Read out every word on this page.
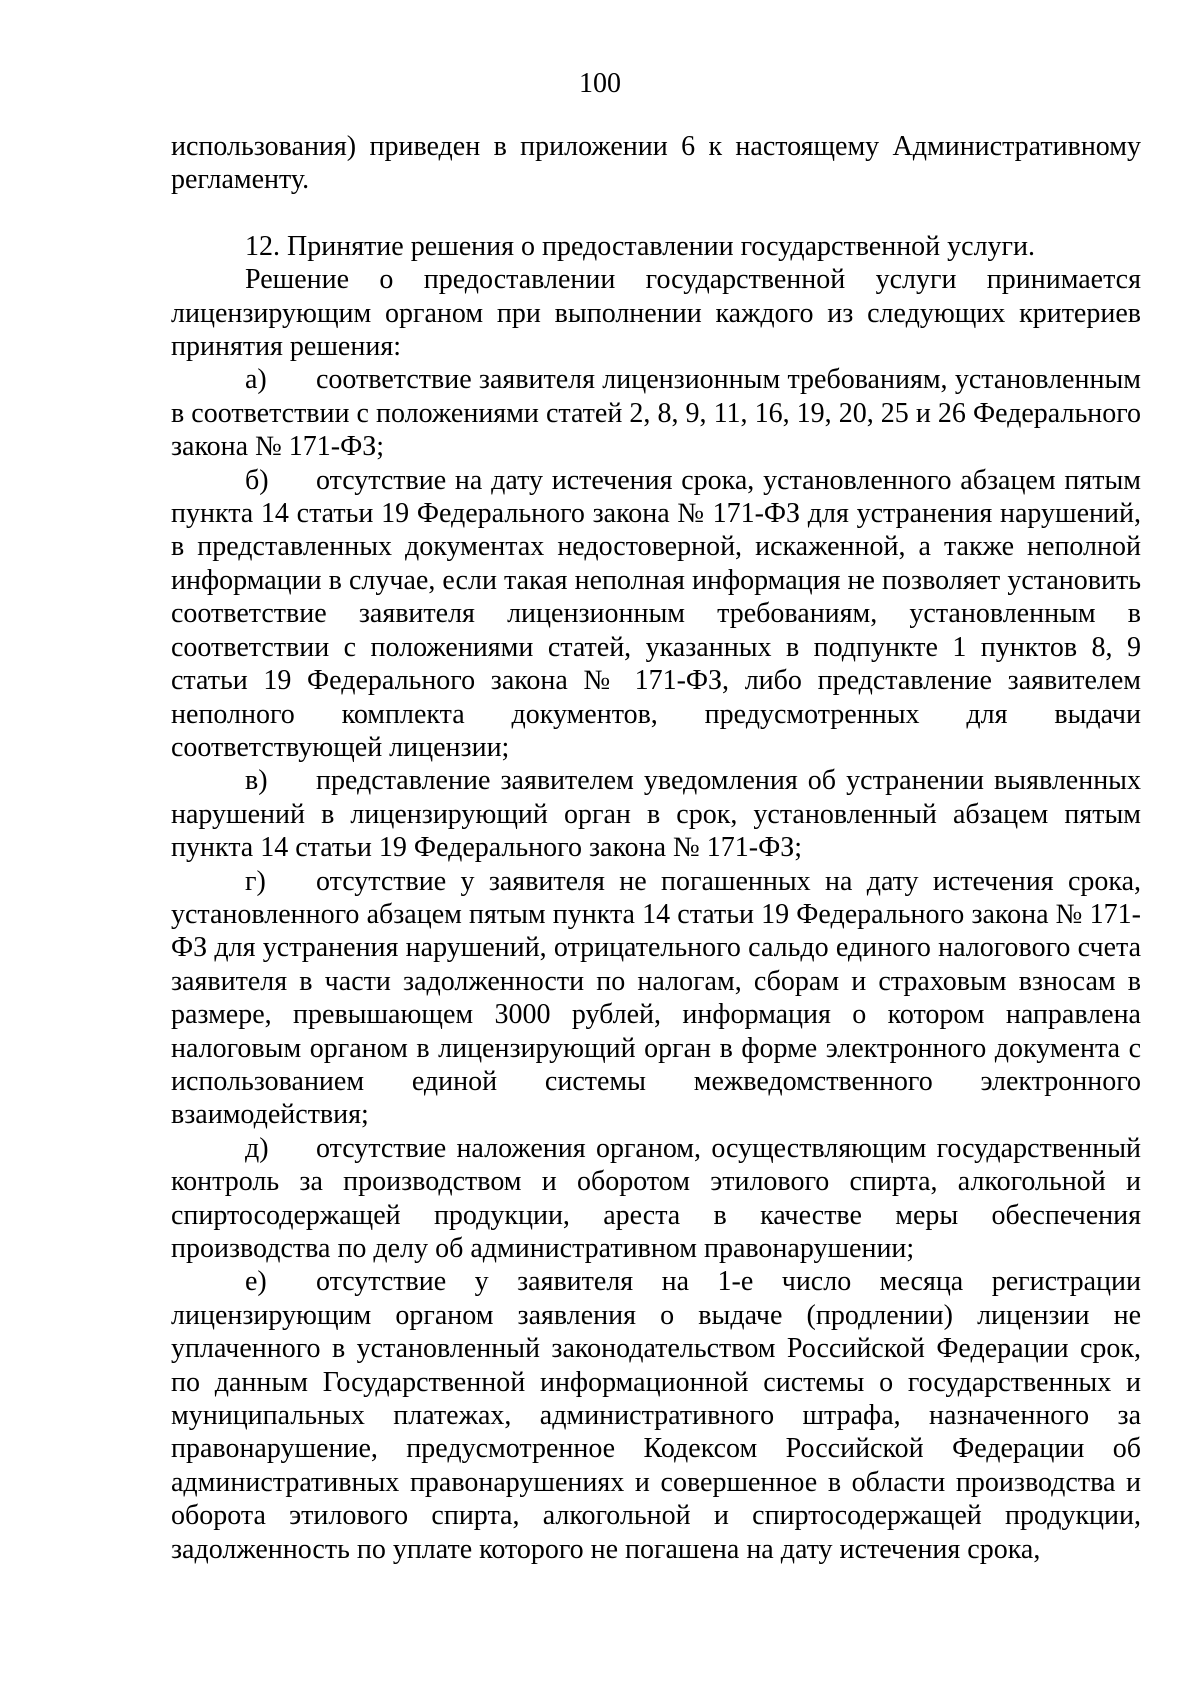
100

использования) приведен в приложении 6 к настоящему Административному регламенту.

12. Принятие решения о предоставлении государственной услуги.

Решение о предоставлении государственной услуги принимается лицензирующим органом при выполнении каждого из следующих критериев принятия решения:

а) соответствие заявителя лицензионным требованиям, установленным в соответствии с положениями статей 2, 8, 9, 11, 16, 19, 20, 25 и 26 Федерального закона № 171-ФЗ;

б) отсутствие на дату истечения срока, установленного абзацем пятым пункта 14 статьи 19 Федерального закона № 171-ФЗ для устранения нарушений, в представленных документах недостоверной, искаженной, а также неполной информации в случае, если такая неполная информация не позволяет установить соответствие заявителя лицензионным требованиям, установленным в соответствии с положениями статей, указанных в подпункте 1 пунктов 8, 9 статьи 19 Федерального закона № 171-ФЗ, либо представление заявителем неполного комплекта документов, предусмотренных для выдачи соответствующей лицензии;

в) представление заявителем уведомления об устранении выявленных нарушений в лицензирующий орган в срок, установленный абзацем пятым пункта 14 статьи 19 Федерального закона № 171-ФЗ;

г) отсутствие у заявителя не погашенных на дату истечения срока, установленного абзацем пятым пункта 14 статьи 19 Федерального закона № 171-ФЗ для устранения нарушений, отрицательного сальдо единого налогового счета заявителя в части задолженности по налогам, сборам и страховым взносам в размере, превышающем 3000 рублей, информация о котором направлена налоговым органом в лицензирующий орган в форме электронного документа с использованием единой системы межведомственного электронного взаимодействия;

д) отсутствие наложения органом, осуществляющим государственный контроль за производством и оборотом этилового спирта, алкогольной и спиртосодержащей продукции, ареста в качестве меры обеспечения производства по делу об административном правонарушении;

е) отсутствие у заявителя на 1-е число месяца регистрации лицензирующим органом заявления о выдаче (продлении) лицензии не уплаченного в установленный законодательством Российской Федерации срок, по данным Государственной информационной системы о государственных и муниципальных платежах, административного штрафа, назначенного за правонарушение, предусмотренное Кодексом Российской Федерации об административных правонарушениях и совершенное в области производства и оборота этилового спирта, алкогольной и спиртосодержащей продукции, задолженность по уплате которого не погашена на дату истечения срока,
